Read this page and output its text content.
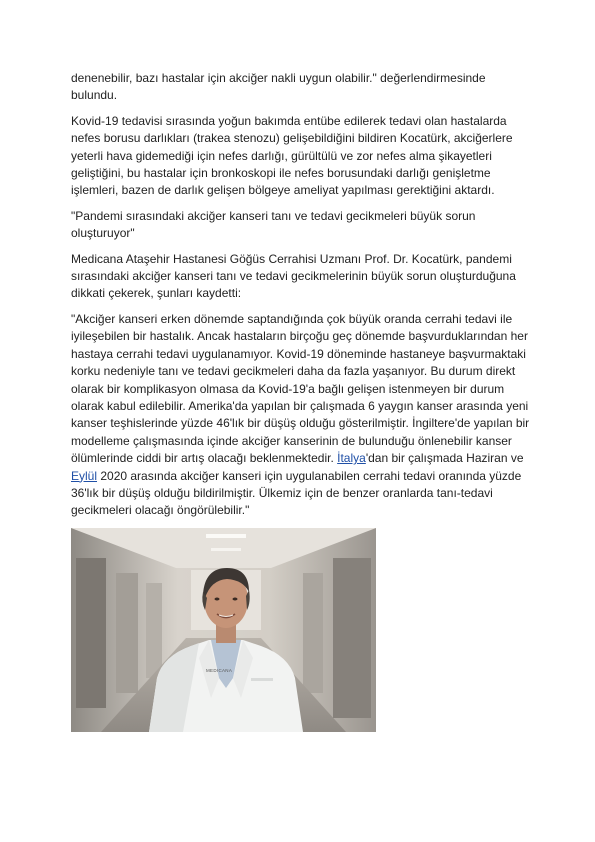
denenebilir, bazı hastalar için akciğer nakli uygun olabilir." değerlendirmesinde bulundu.

Kovid-19 tedavisi sırasında yoğun bakımda entübe edilerek tedavi olan hastalarda nefes borusu darlıkları (trakea stenozu) gelişebildiğini bildiren Kocatürk, akciğerlere yeterli hava gidemediği için nefes darlığı, gürültülü ve zor nefes alma şikayetleri geliştiğini, bu hastalar için bronkoskopi ile nefes borusundaki darlığı genişletme işlemleri, bazen de darlık gelişen bölgeye ameliyat yapılması gerektiğini aktardı.

"Pandemi sırasındaki akciğer kanseri tanı ve tedavi gecikmeleri büyük sorun oluşturuyor"

Medicana Ataşehir Hastanesi Göğüs Cerrahisi Uzmanı Prof. Dr. Kocatürk, pandemi sırasındaki akciğer kanseri tanı ve tedavi gecikmelerinin büyük sorun oluşturduğuna dikkati çekerek, şunları kaydetti:

"Akciğer kanseri erken dönemde saptandığında çok büyük oranda cerrahi tedavi ile iyileşebilen bir hastalık. Ancak hastaların birçoğu geç dönemde başvurduklarından her hastaya cerrahi tedavi uygulanamıyor. Kovid-19 döneminde hastaneye başvurmaktaki korku nedeniyle tanı ve tedavi gecikmeleri daha da fazla yaşanıyor. Bu durum direkt olarak bir komplikasyon olmasa da Kovid-19'a bağlı gelişen istenmeyen bir durum olarak kabul edilebilir. Amerika'da yapılan bir çalışmada 6 yaygın kanser arasında yeni kanser teşhislerinde yüzde 46'lık bir düşüş olduğu gösterilmiştir. İngiltere'de yapılan bir modelleme çalışmasında içinde akciğer kanserinin de bulunduğu önlenebilir kanser ölümlerinde ciddi bir artış olacağı beklenmektedir. İtalya'dan bir çalışmada Haziran ve Eylül 2020 arasında akciğer kanseri için uygulanabilen cerrahi tedavi oranında yüzde 36'lık bir düşüş olduğu bildirilmiştir. Ülkemiz için de benzer oranlarda tanı-tedavi gecikmeleri olacağı öngörülebilir."

MEDICANA
